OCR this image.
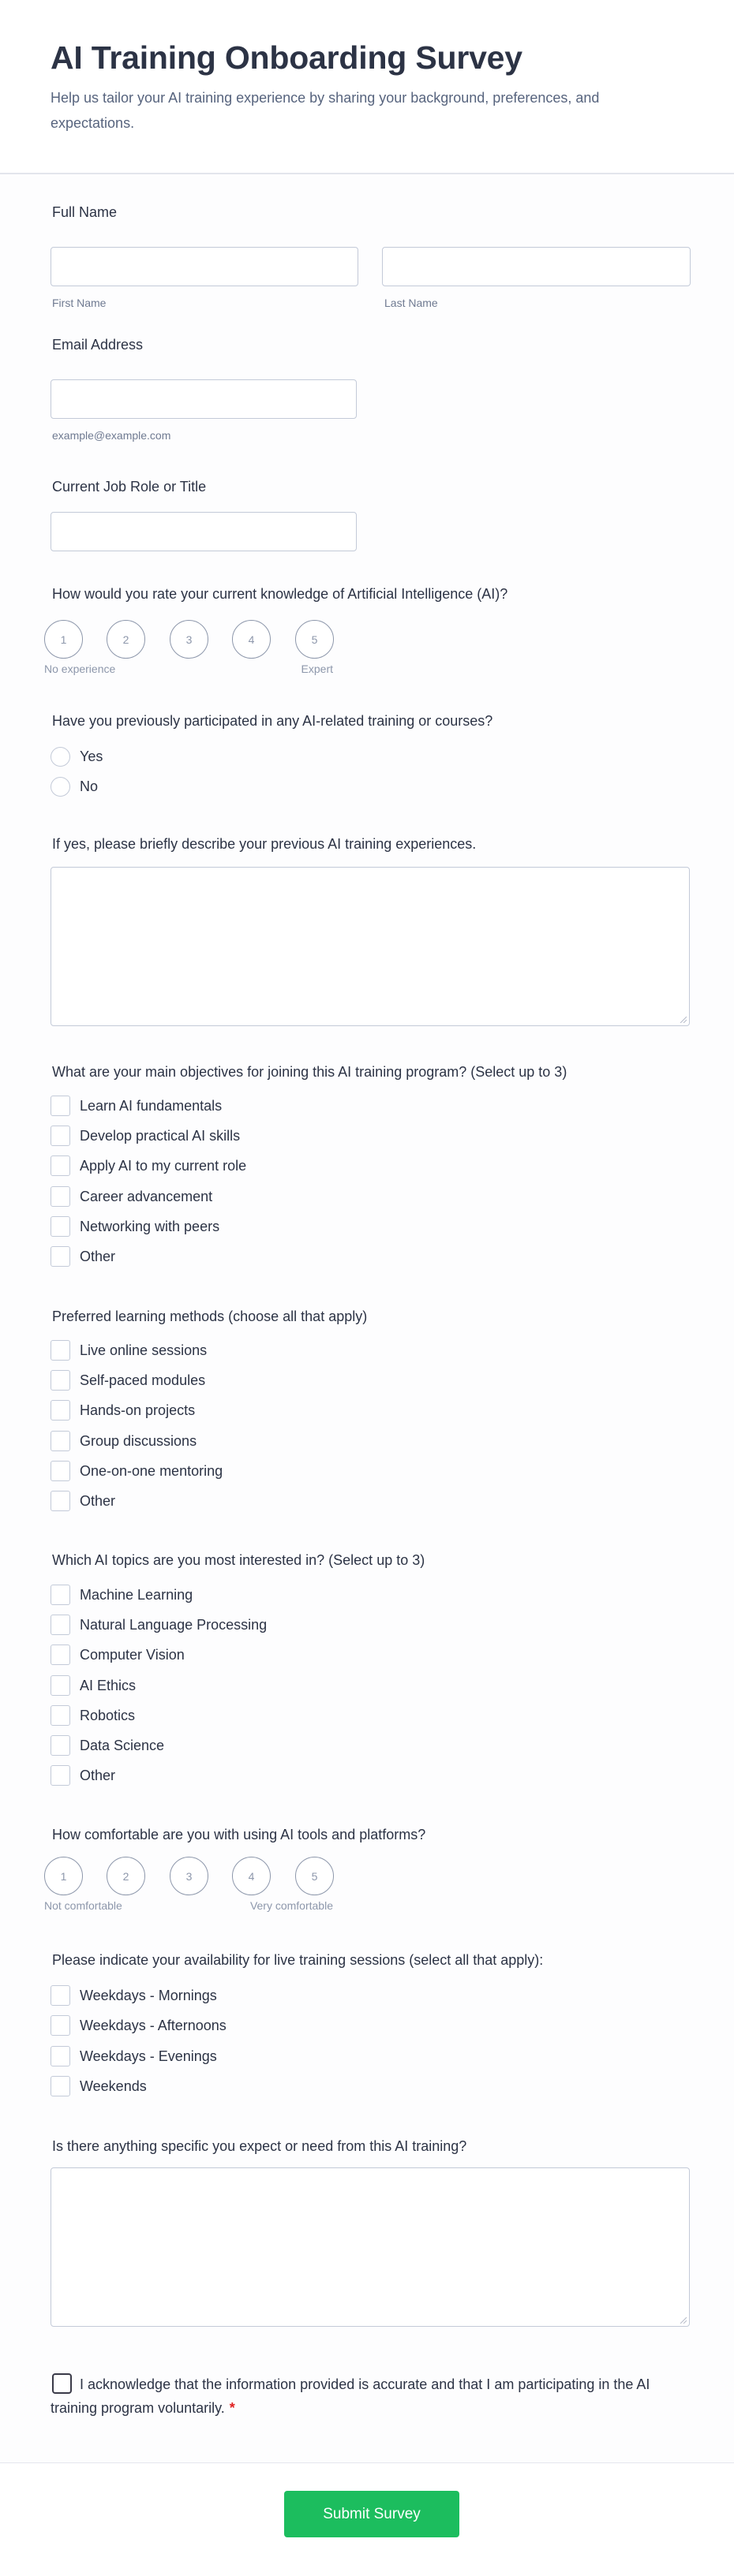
AI Training Onboarding Survey

Help us tailor your AI training experience by sharing your background, preferences, and expectations.

Full Name
First Name	Last Name
Email Address
example@example.com
Current Job Role or Title
How would you rate your current knowledge of Artificial Intelligence (AI)?
1	2	3	4	5
No experience	Expert
Have you previously participated in any AI-related training or courses?
Yes
No
If yes, please briefly describe your previous AI training experiences.
What are your main objectives for joining this AI training program? (Select up to 3)
Learn AI fundamentals
Develop practical AI skills
Apply AI to my current role
Career advancement
Networking with peers
Other
Preferred learning methods (choose all that apply)
Live online sessions
Self-paced modules
Hands-on projects
Group discussions
One-on-one mentoring
Other
Which AI topics are you most interested in? (Select up to 3)
Machine Learning
Natural Language Processing
Computer Vision
AI Ethics
Robotics
Data Science
Other
How comfortable are you with using AI tools and platforms?
1	2	3	4	5
Not comfortable	Very comfortable
Please indicate your availability for live training sessions (select all that apply):
Weekdays - Mornings
Weekdays - Afternoons
Weekdays - Evenings
Weekends
Is there anything specific you expect or need from this AI training?
I acknowledge that the information provided is accurate and that I am participating in the AI training program voluntarily. *
Submit Survey
